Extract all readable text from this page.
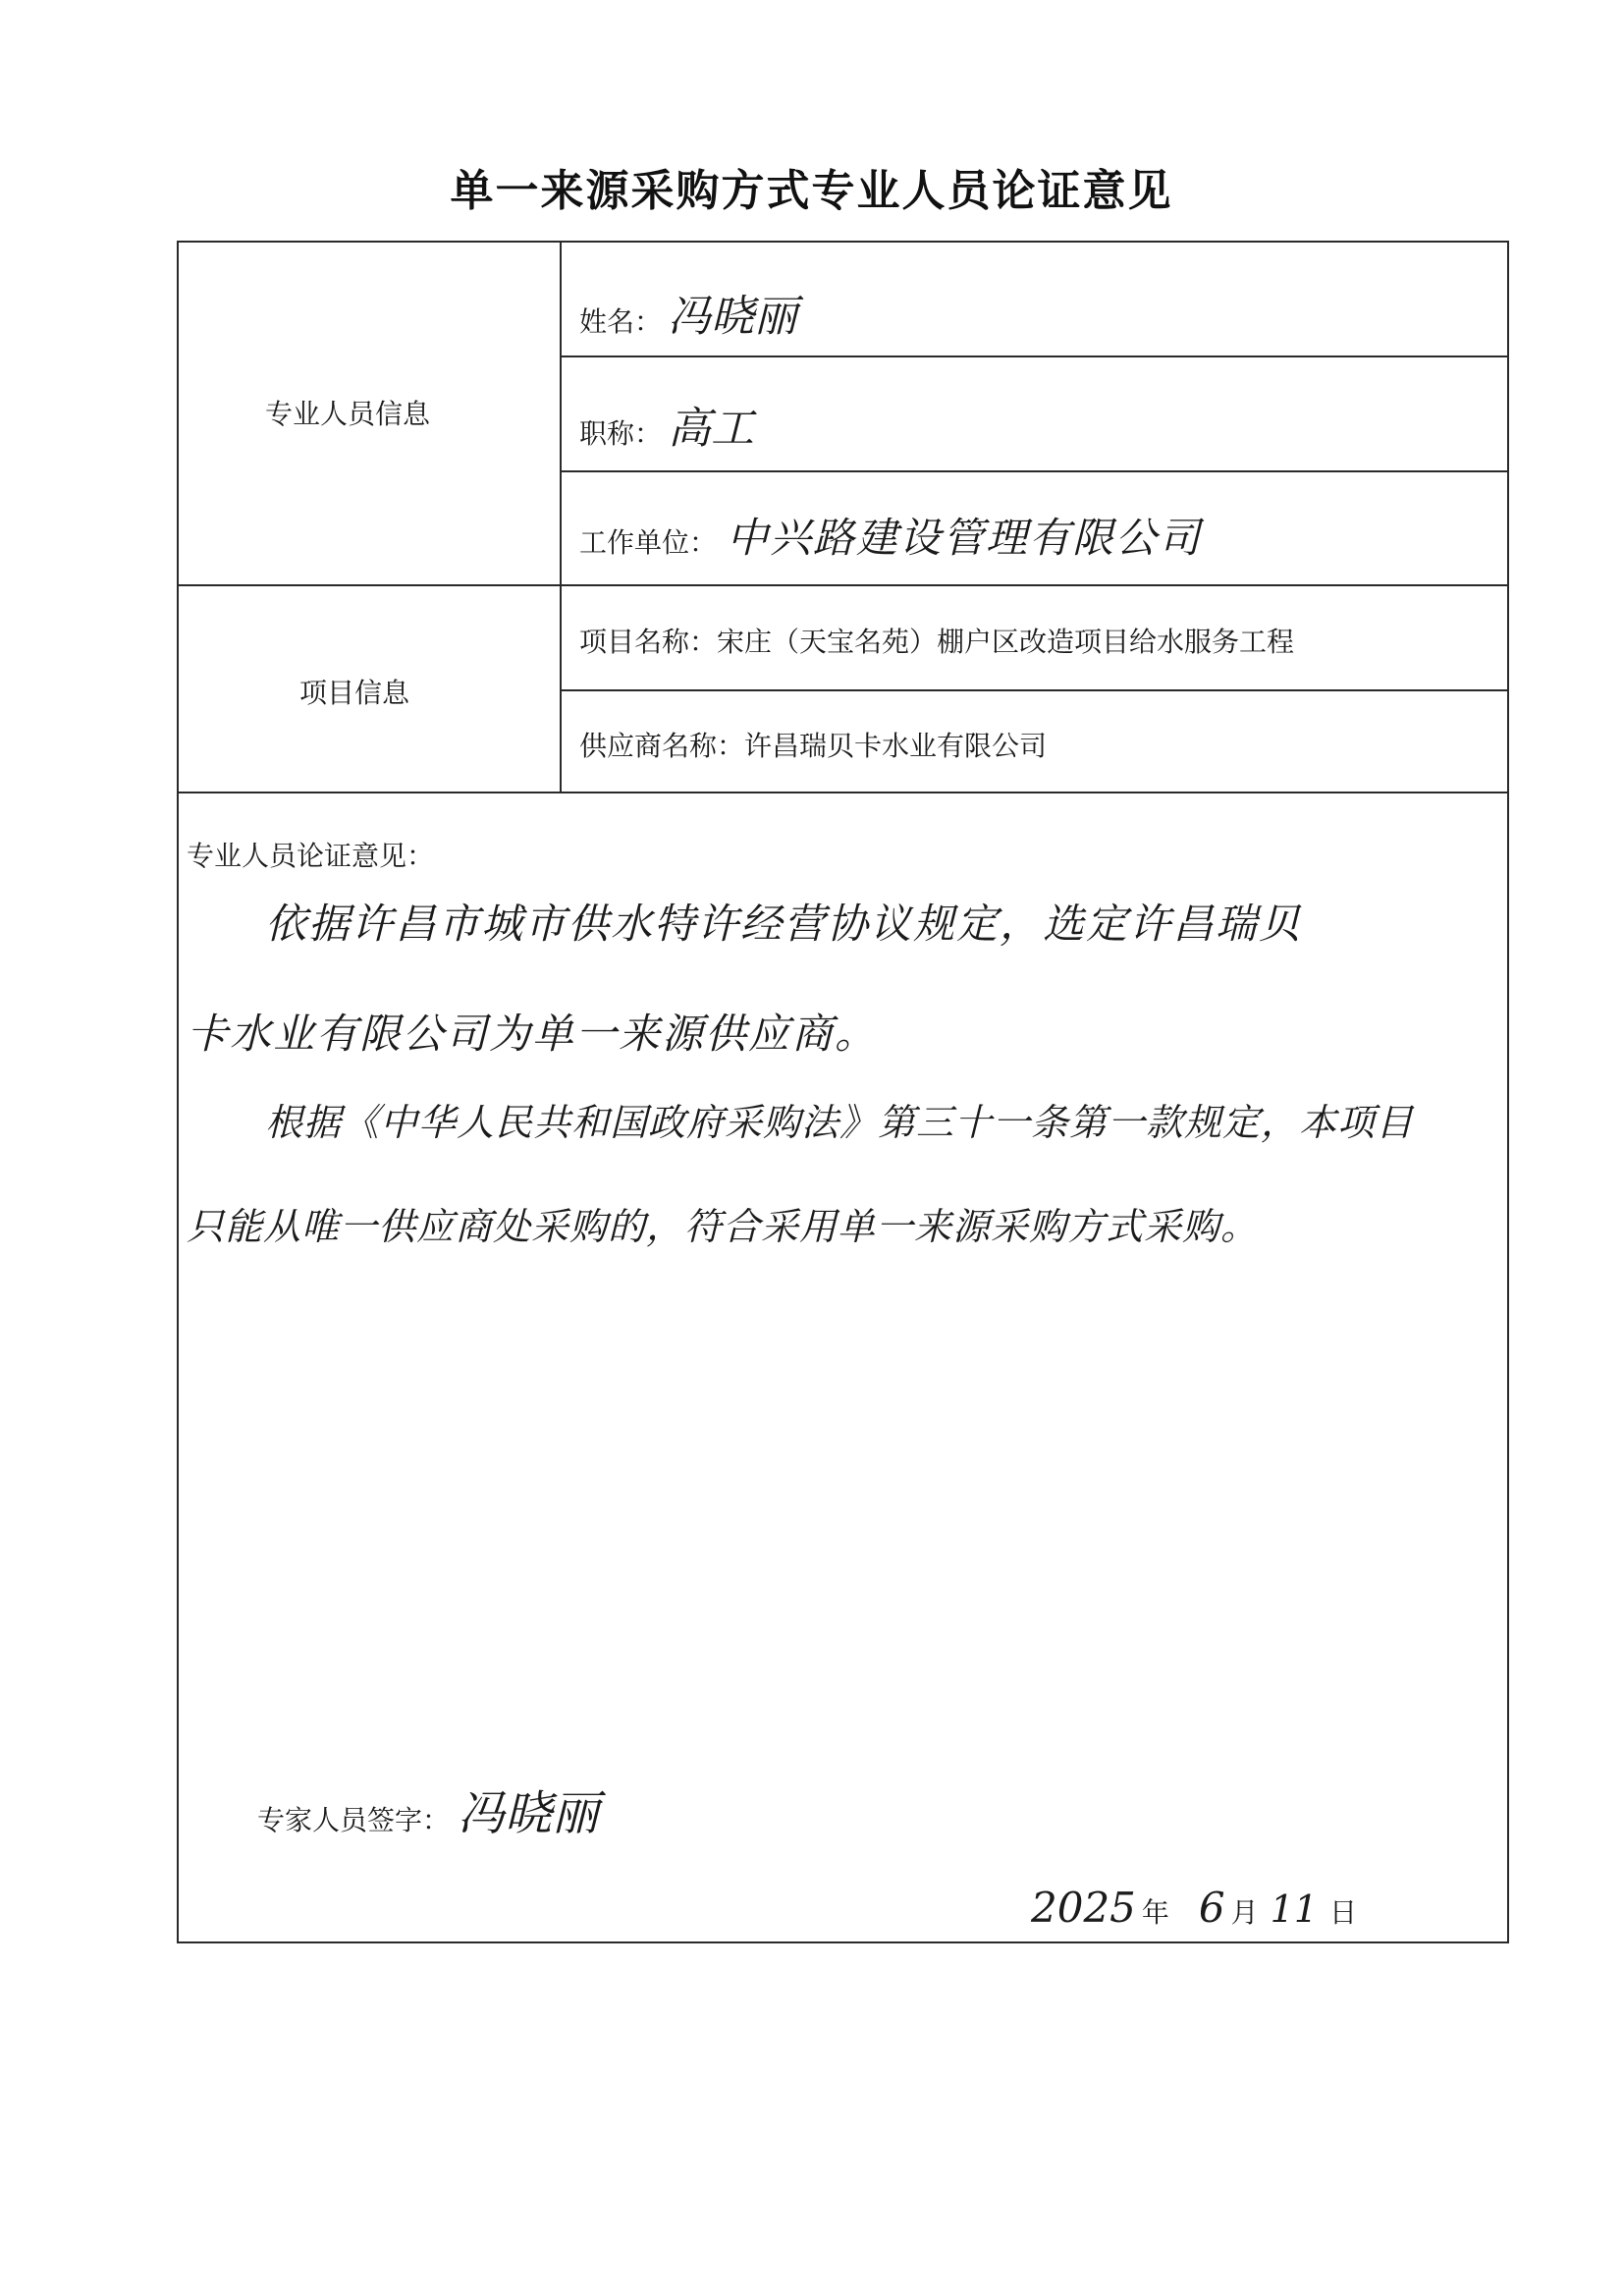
单一来源采购方式专业人员论证意见
专业人员信息
姓名： 冯晓丽
职称： 高工
工作单位： 中兴路建设管理有限公司
项目信息
项目名称： 宋庄（天宝名苑）棚户区改造项目给水服务工程
供应商名称： 许昌瑞贝卡水业有限公司
专业人员论证意见：
依据许昌市城市供水特许经营协议规定，选定许昌瑞贝
卡水业有限公司为单一来源供应商。
根据《中华人民共和国政府采购法》第三十一条第一款规定，本项目
只能从唯一供应商处采购的，符合采用单一来源采购方式采购。
专家人员签字： 冯晓丽
2025 年 6 月 11 日
